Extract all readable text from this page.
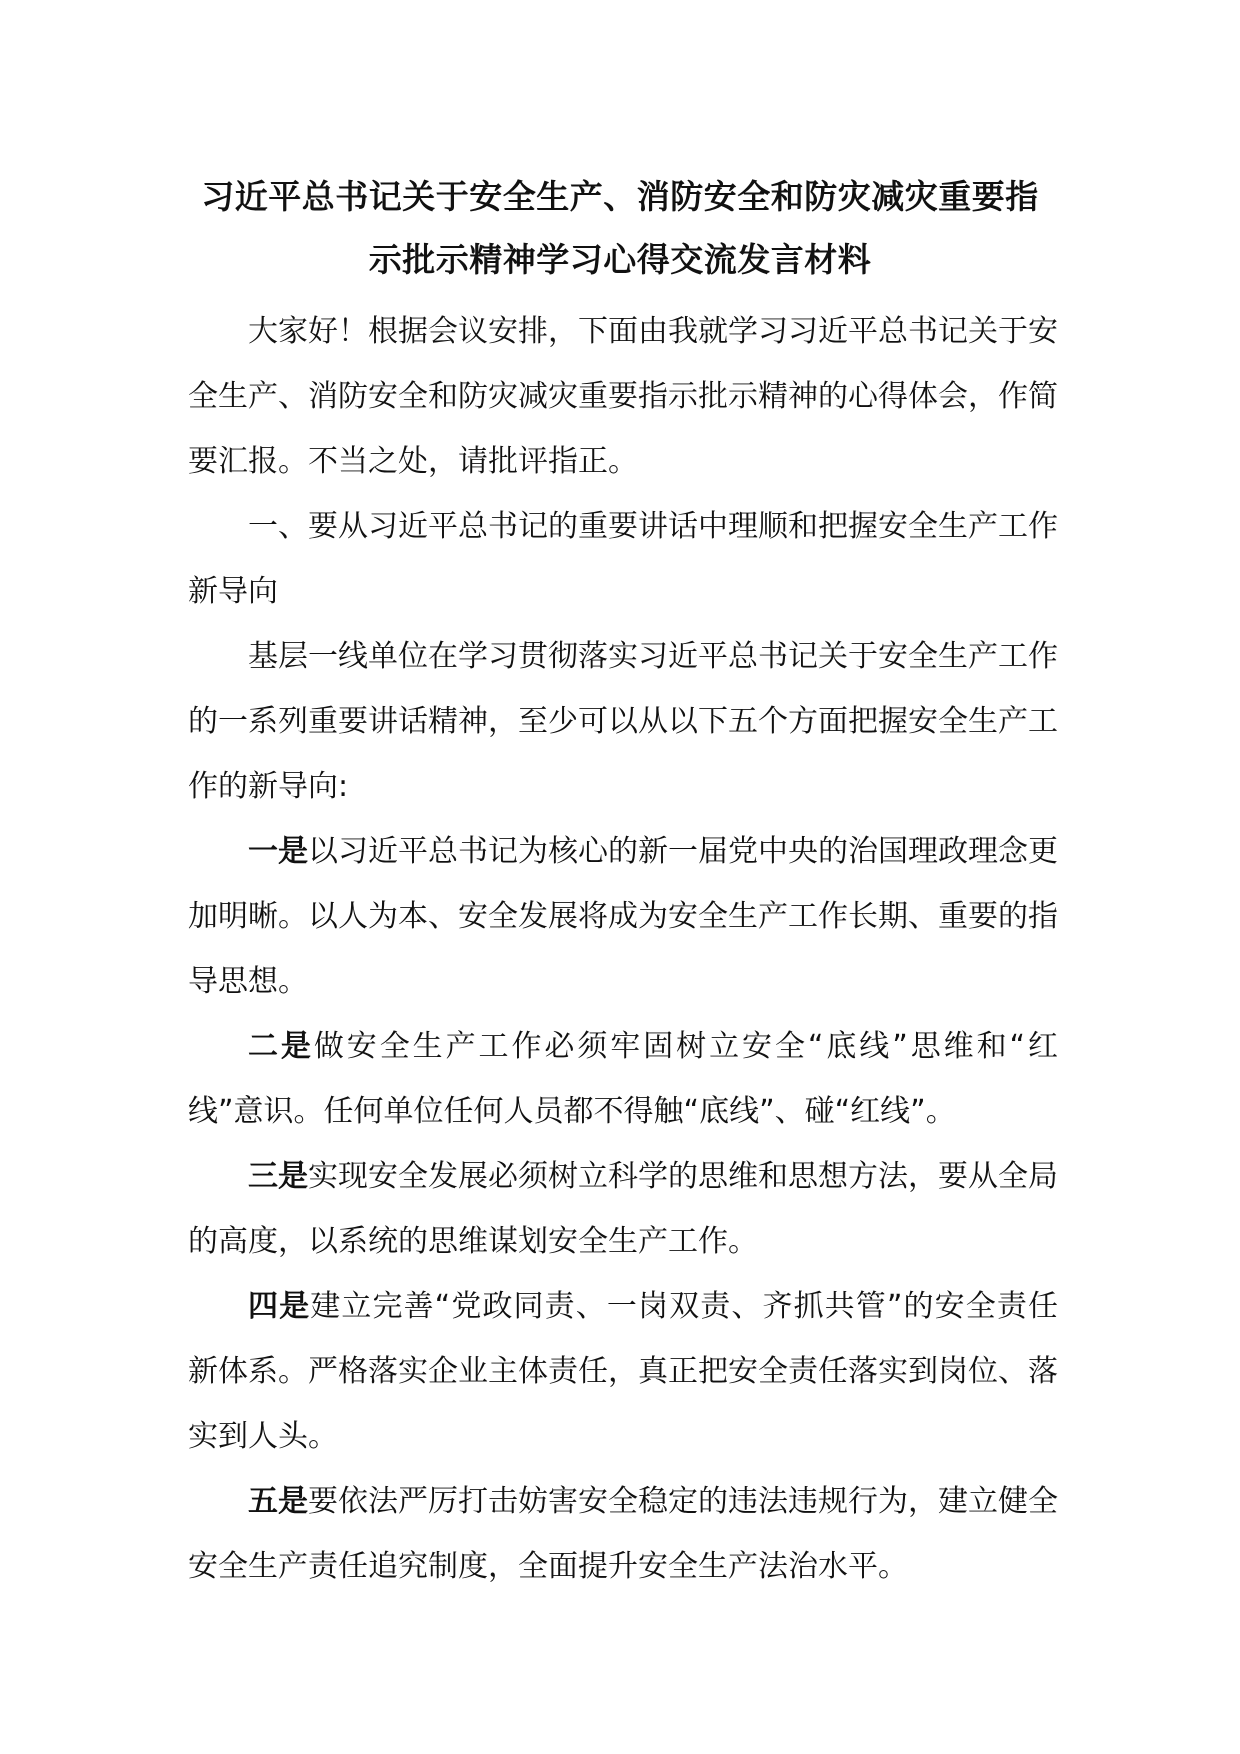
习近平总书记关于安全生产、消防安全和防灾减灾重要指
示批示精神学习心得交流发言材料

大家好！根据会议安排，下面由我就学习习近平总书记关于安全生产、消防安全和防灾减灾重要指示批示精神的心得体会，作简要汇报。不当之处，请批评指正。

一、要从习近平总书记的重要讲话中理顺和把握安全生产工作新导向

基层一线单位在学习贯彻落实习近平总书记关于安全生产工作的一系列重要讲话精神，至少可以从以下五个方面把握安全生产工作的新导向:

一是以习近平总书记为核心的新一届党中央的治国理政理念更加明晰。以人为本、安全发展将成为安全生产工作长期、重要的指导思想。

二是做安全生产工作必须牢固树立安全“底线”思维和“红线”意识。任何单位任何人员都不得触“底线”、碰“红线”。

三是实现安全发展必须树立科学的思维和思想方法，要从全局的高度，以系统的思维谋划安全生产工作。

四是建立完善“党政同责、一岗双责、齐抓共管”的安全责任新体系。严格落实企业主体责任，真正把安全责任落实到岗位、落实到人头。

五是要依法严厉打击妨害安全稳定的违法违规行为，建立健全安全生产责任追究制度，全面提升安全生产法治水平。
